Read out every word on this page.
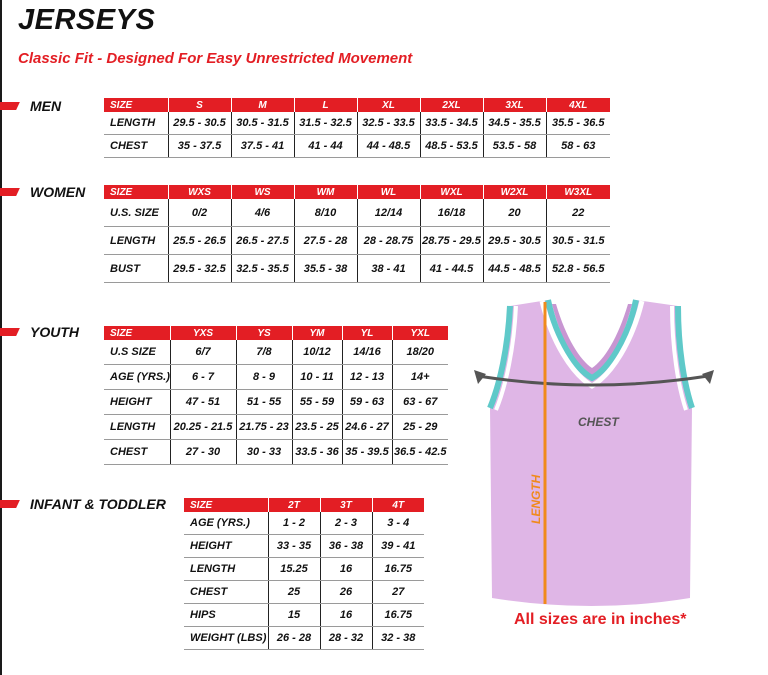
JERSEYS
Classic Fit - Designed For Easy Unrestricted Movement
MEN	SIZE	S	M	L	XL	2XL	3XL	4XL
LENGTH	29.5 - 30.5	30.5 - 31.5	31.5 - 32.5	32.5 - 33.5	33.5 - 34.5	34.5 - 35.5	35.5 - 36.5
CHEST	35 - 37.5	37.5 - 41	41 - 44	44 - 48.5	48.5 - 53.5	53.5 - 58	58 - 63
WOMEN SIZE	WXS	WS	WM	WL	WXL	W2XL	W3XL
U.S. SIZE	0/2	4/6	8/10	12/14	16/18	20	22
LENGTH	25.5 - 26.5	26.5 - 27.5	27.5 - 28	28 - 28.75	28.75 - 29.5	29.5 - 30.5	30.5 - 31.5
BUST	29.5 - 32.5	32.5 - 35.5	35.5 - 38	38 - 41	41 - 44.5	44.5 - 48.5	52.8 - 56.5
YOUTH	SIZE	YXS	YS	YM	YL	YXL
U.S SIZE	6/7	7/8	10/12	14/16	18/20
AGE (YRS.)	6 - 7	8 - 9	10 - 11	12 - 13	14+
HEIGHT	47 - 51	51 - 55	55 - 59	59 - 63	63 - 67
LENGTH	20.25 - 21.5	21.75 - 23	23.5 - 25	24.6 - 27	25 - 29
CHEST	27 - 30	30 - 33	33.5 - 36	35 - 39.5	36.5 - 42.5
INFANT & TODDLER SIZE	2T	3T	4T
AGE (YRS.)	1 - 2	2 - 3	3 - 4
HEIGHT	33 - 35	36 - 38	39 - 41
LENGTH	15.25	16	16.75
CHEST	25	26	27
HIPS	15	16	16.75
WEIGHT (LBS)	26 - 28	28 - 32	32 - 38
CHEST
LENGTH
All sizes are in inches*
